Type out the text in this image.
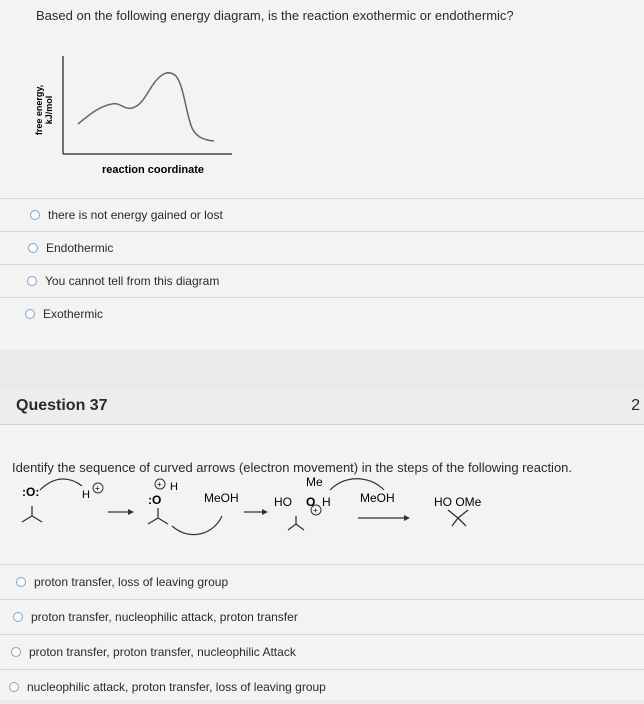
Based on the following energy diagram, is the reaction exothermic or endothermic?
free energy, kJ/mol
reaction coordinate
there is not energy gained or lost
Endothermic
You cannot tell from this diagram
Exothermic
Question 37	2
Identify the sequence of curved arrows (electron movement) in the steps of the following reaction.
:O:	H
+	+ H
:O	MeOH
Me
HO O H
+
MeOH	HO OMe
proton transfer, loss of leaving group
proton transfer, nucleophilic attack, proton transfer
proton transfer, proton transfer, nucleophilic Attack
nucleophilic attack, proton transfer, loss of leaving group
